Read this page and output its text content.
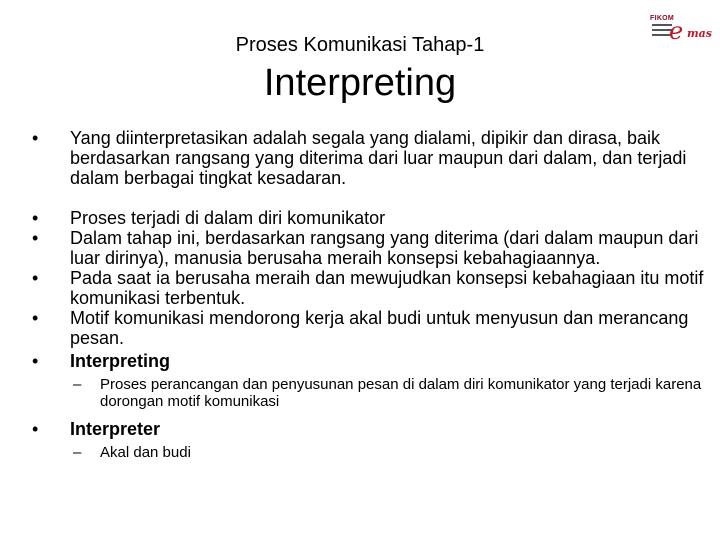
Proses Komunikasi Tahap-1
Interpreting
FIKOM
e mas
• Yang diinterpretasikan adalah segala yang dialami, dipikir dan dirasa, baik berdasarkan rangsang yang diterima dari luar maupun dari dalam, dan terjadi dalam berbagai tingkat kesadaran.
• Proses terjadi di dalam diri komunikator
• Dalam tahap ini, berdasarkan rangsang yang diterima (dari dalam maupun dari luar dirinya), manusia berusaha meraih konsepsi kebahagiaannya.
• Pada saat ia berusaha meraih dan mewujudkan konsepsi kebahagiaan itu motif komunikasi terbentuk.
• Motif komunikasi mendorong kerja akal budi untuk menyusun dan merancang pesan.
• Interpreting
– Proses perancangan dan penyusunan pesan di dalam diri komunikator yang terjadi karena dorongan motif komunikasi
• Interpreter
– Akal dan budi
